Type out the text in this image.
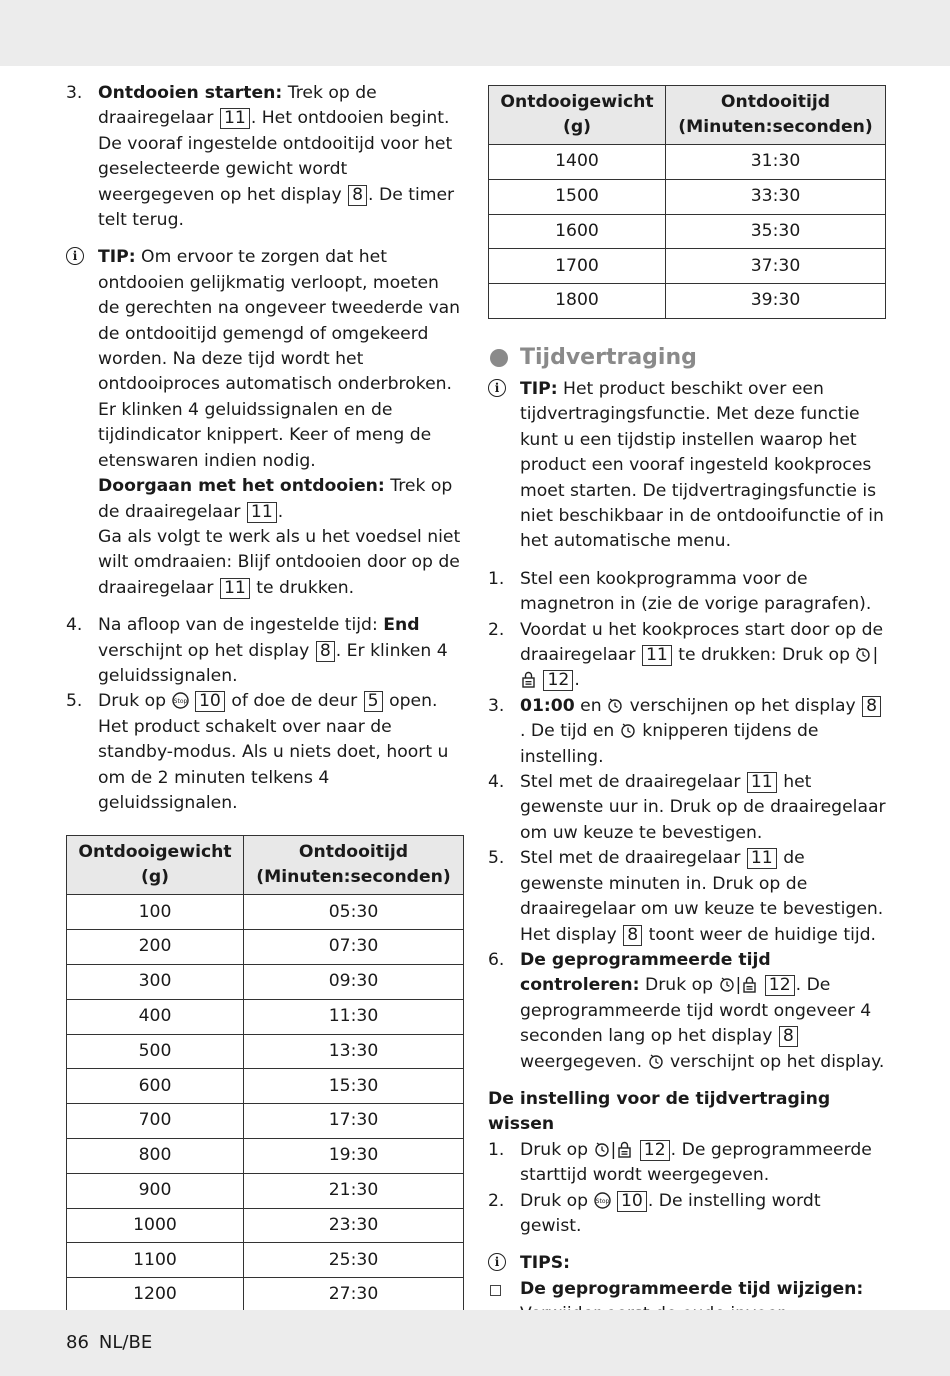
3. Ontdooien starten: Trek op de draairegelaar 11 . Het ontdooien begint. De vooraf ingestelde ontdooitijd voor het geselecteerde gewicht wordt weergegeven op het display 8 . De timer telt terug.

i	TIP: Om ervoor te zorgen dat het ontdooien gelijkmatig verloopt, moeten de gerechten na ongeveer tweederde van de ontdooitijd gemengd of omgekeerd worden. Na deze tijd wordt het ontdooiproces automatisch onderbroken. Er klinken 4 geluidssignalen en de tijdindicator knippert. Keer of meng de etenswaren indien nodig.

Doorgaan met het ontdooien: Trek op de draairegelaar 11 .

Ga als volgt te werk als u het voedsel niet wilt omdraaien: Blijf ontdooien door op de draairegelaar 11 te drukken.

4. Na afloop van de ingestelde tijd: End verschijnt op het display 8 . Er klinken 4 geluidssignalen.

5. Druk op  10 of doe de deur 5 open. Het product schakelt over naar de standby-modus. Als u niets doet, hoort u om de 2 minuten telkens 4 geluidssignalen.

Ontdooigewicht (g)	Ontdooitijd (Minuten:seconden)
100	05:30
200	07:30
300	09:30
400	11:30
500	13:30
600	15:30
700	17:30
800	19:30
900	21:30
1000	23:30
1100	25:30
1200	27:30

Ontdooigewicht (g)	Ontdooitijd (Minuten:seconden)
1400	31:30
1500	33:30
1600	35:30
1700	37:30
1800	39:30
Tijdvertraging
i	TIP: Het product beschikt over een tijdvertragingsfunctie. Met deze functie kunt u een tijdstip instellen waarop het product een vooraf ingesteld kookproces moet starten. De tijdvertragingsfunctie is niet beschikbaar in de ontdooifunctie of in het automatische menu.

1. Stel een kookprogramma voor de magnetron in (zie de vorige paragrafen).

2. Voordat u het kookproces start door op de draairegelaar 11 te drukken: Druk op | 12 .

3. 01:00 en  verschijnen op het display 8. De tijd en  knipperen tijdens de instelling.

4. Stel met de draairegelaar 11 het gewenste uur in. Druk op de draairegelaar om uw keuze te bevestigen.

5. Stel met de draairegelaar 11 de gewenste minuten in. Druk op de draairegelaar om uw keuze te bevestigen. Het display 8 toont weer de huidige tijd.

6. De geprogrammeerde tijd controleren: Druk op | 12 . De geprogrammeerde tijd wordt ongeveer 4 seconden lang op het display 8 weergegeven.  verschijnt op het display.

De instelling voor de tijdvertraging wissen

1. Druk op | 12 . De geprogrammeerde starttijd wordt weergegeven.

2. Druk op  10 . De instelling wordt gewist.

i	TIPS:

De geprogrammeerde tijd wijzigen:

86 NL/BE
